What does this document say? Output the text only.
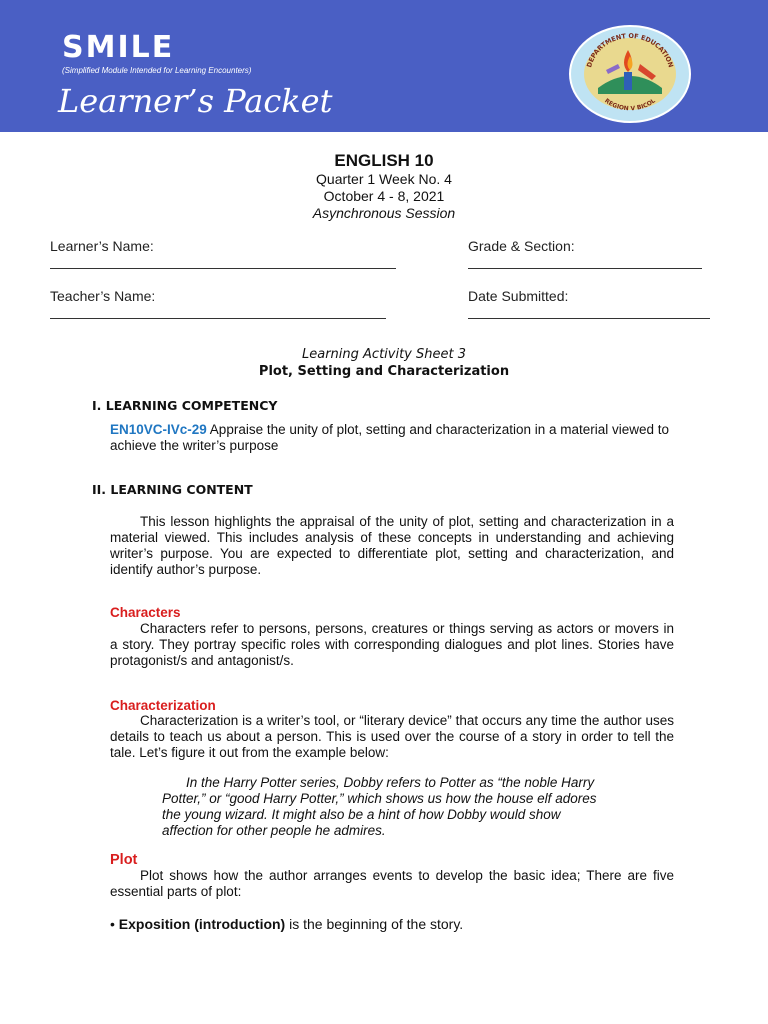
SMILE
(Simplified Module Intended for Learning Encounters)
Learner’s Packet
DEPARTMENT OF EDUCATION
REGION V BICOL
ENGLISH 10
Quarter 1 Week No. 4
October 4 - 8, 2021
Asynchronous Session
Learner’s Name:	Grade & Section:
Teacher’s Name:	Date Submitted:
Learning Activity Sheet 3
Plot, Setting and Characterization
I. LEARNING COMPETENCY
EN10VC-IVc-29 Appraise the unity of plot, setting and characterization in a material viewed to achieve the writer’s purpose
II. LEARNING CONTENT
This lesson highlights the appraisal of the unity of plot, setting and characterization in a material viewed. This includes analysis of these concepts in understanding and achieving writer’s purpose. You are expected to differentiate plot, setting and characterization, and identify author’s purpose.
Characters
Characters refer to persons, persons, creatures or things serving as actors or movers in a story. They portray specific roles with corresponding dialogues and plot lines. Stories have protagonist/s and antagonist/s.
Characterization
Characterization is a writer’s tool, or “literary device” that occurs any time the author uses details to teach us about a person. This is used over the course of a story in order to tell the tale. Let’s figure it out from the example below:
In the Harry Potter series, Dobby refers to Potter as “the noble Harry Potter,” or “good Harry Potter,” which shows us how the house elf adores the young wizard. It might also be a hint of how Dobby would show affection for other people he admires.
Plot
Plot shows how the author arranges events to develop the basic idea; There are five essential parts of plot:
• Exposition (introduction) is the beginning of the story.
